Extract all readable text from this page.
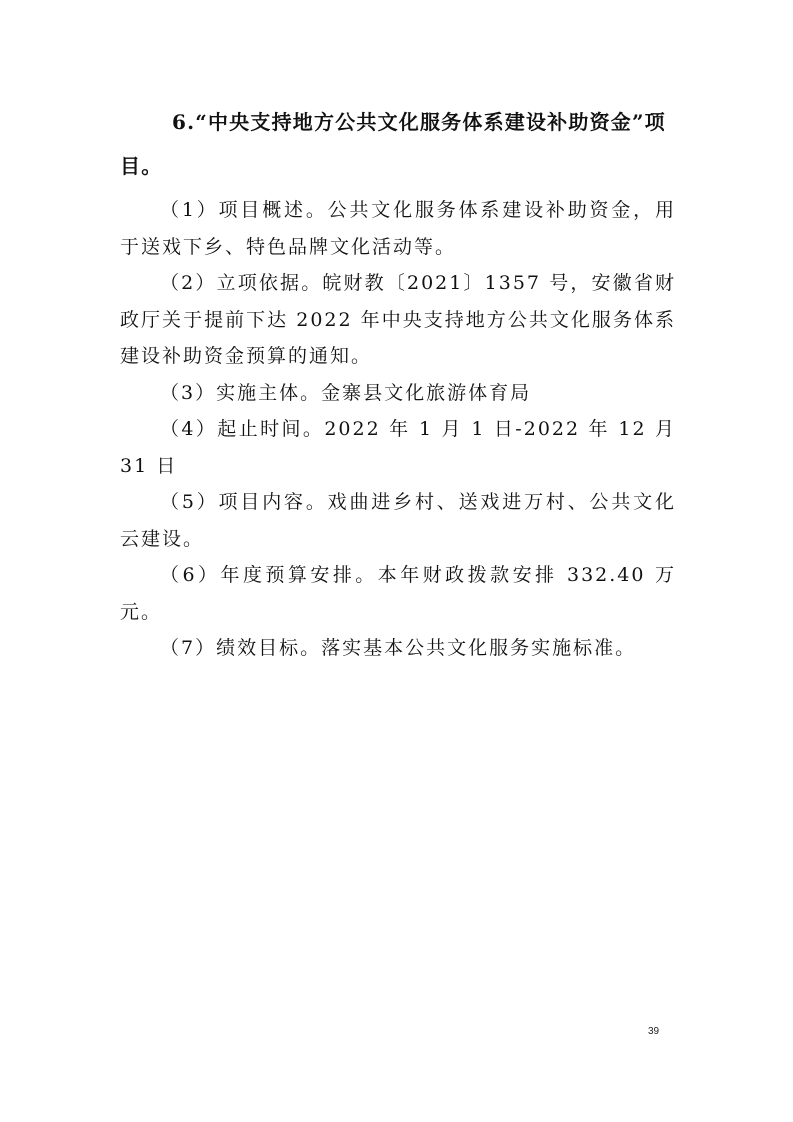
6.“中央支持地方公共文化服务体系建设补助资金”项目。

（1）项目概述。公共文化服务体系建设补助资金，用于送戏下乡、特色品牌文化活动等。

（2）立项依据。皖财教〔2021〕1357 号，安徽省财政厅关于提前下达 2022 年中央支持地方公共文化服务体系建设补助资金预算的通知。

（3）实施主体。金寨县文化旅游体育局

（4）起止时间。2022 年 1 月 1 日-2022 年 12 月 31 日

（5）项目内容。戏曲进乡村、送戏进万村、公共文化云建设。

（6）年度预算安排。本年财政拨款安排 332.40 万元。

（7）绩效目标。落实基本公共文化服务实施标准。

39
